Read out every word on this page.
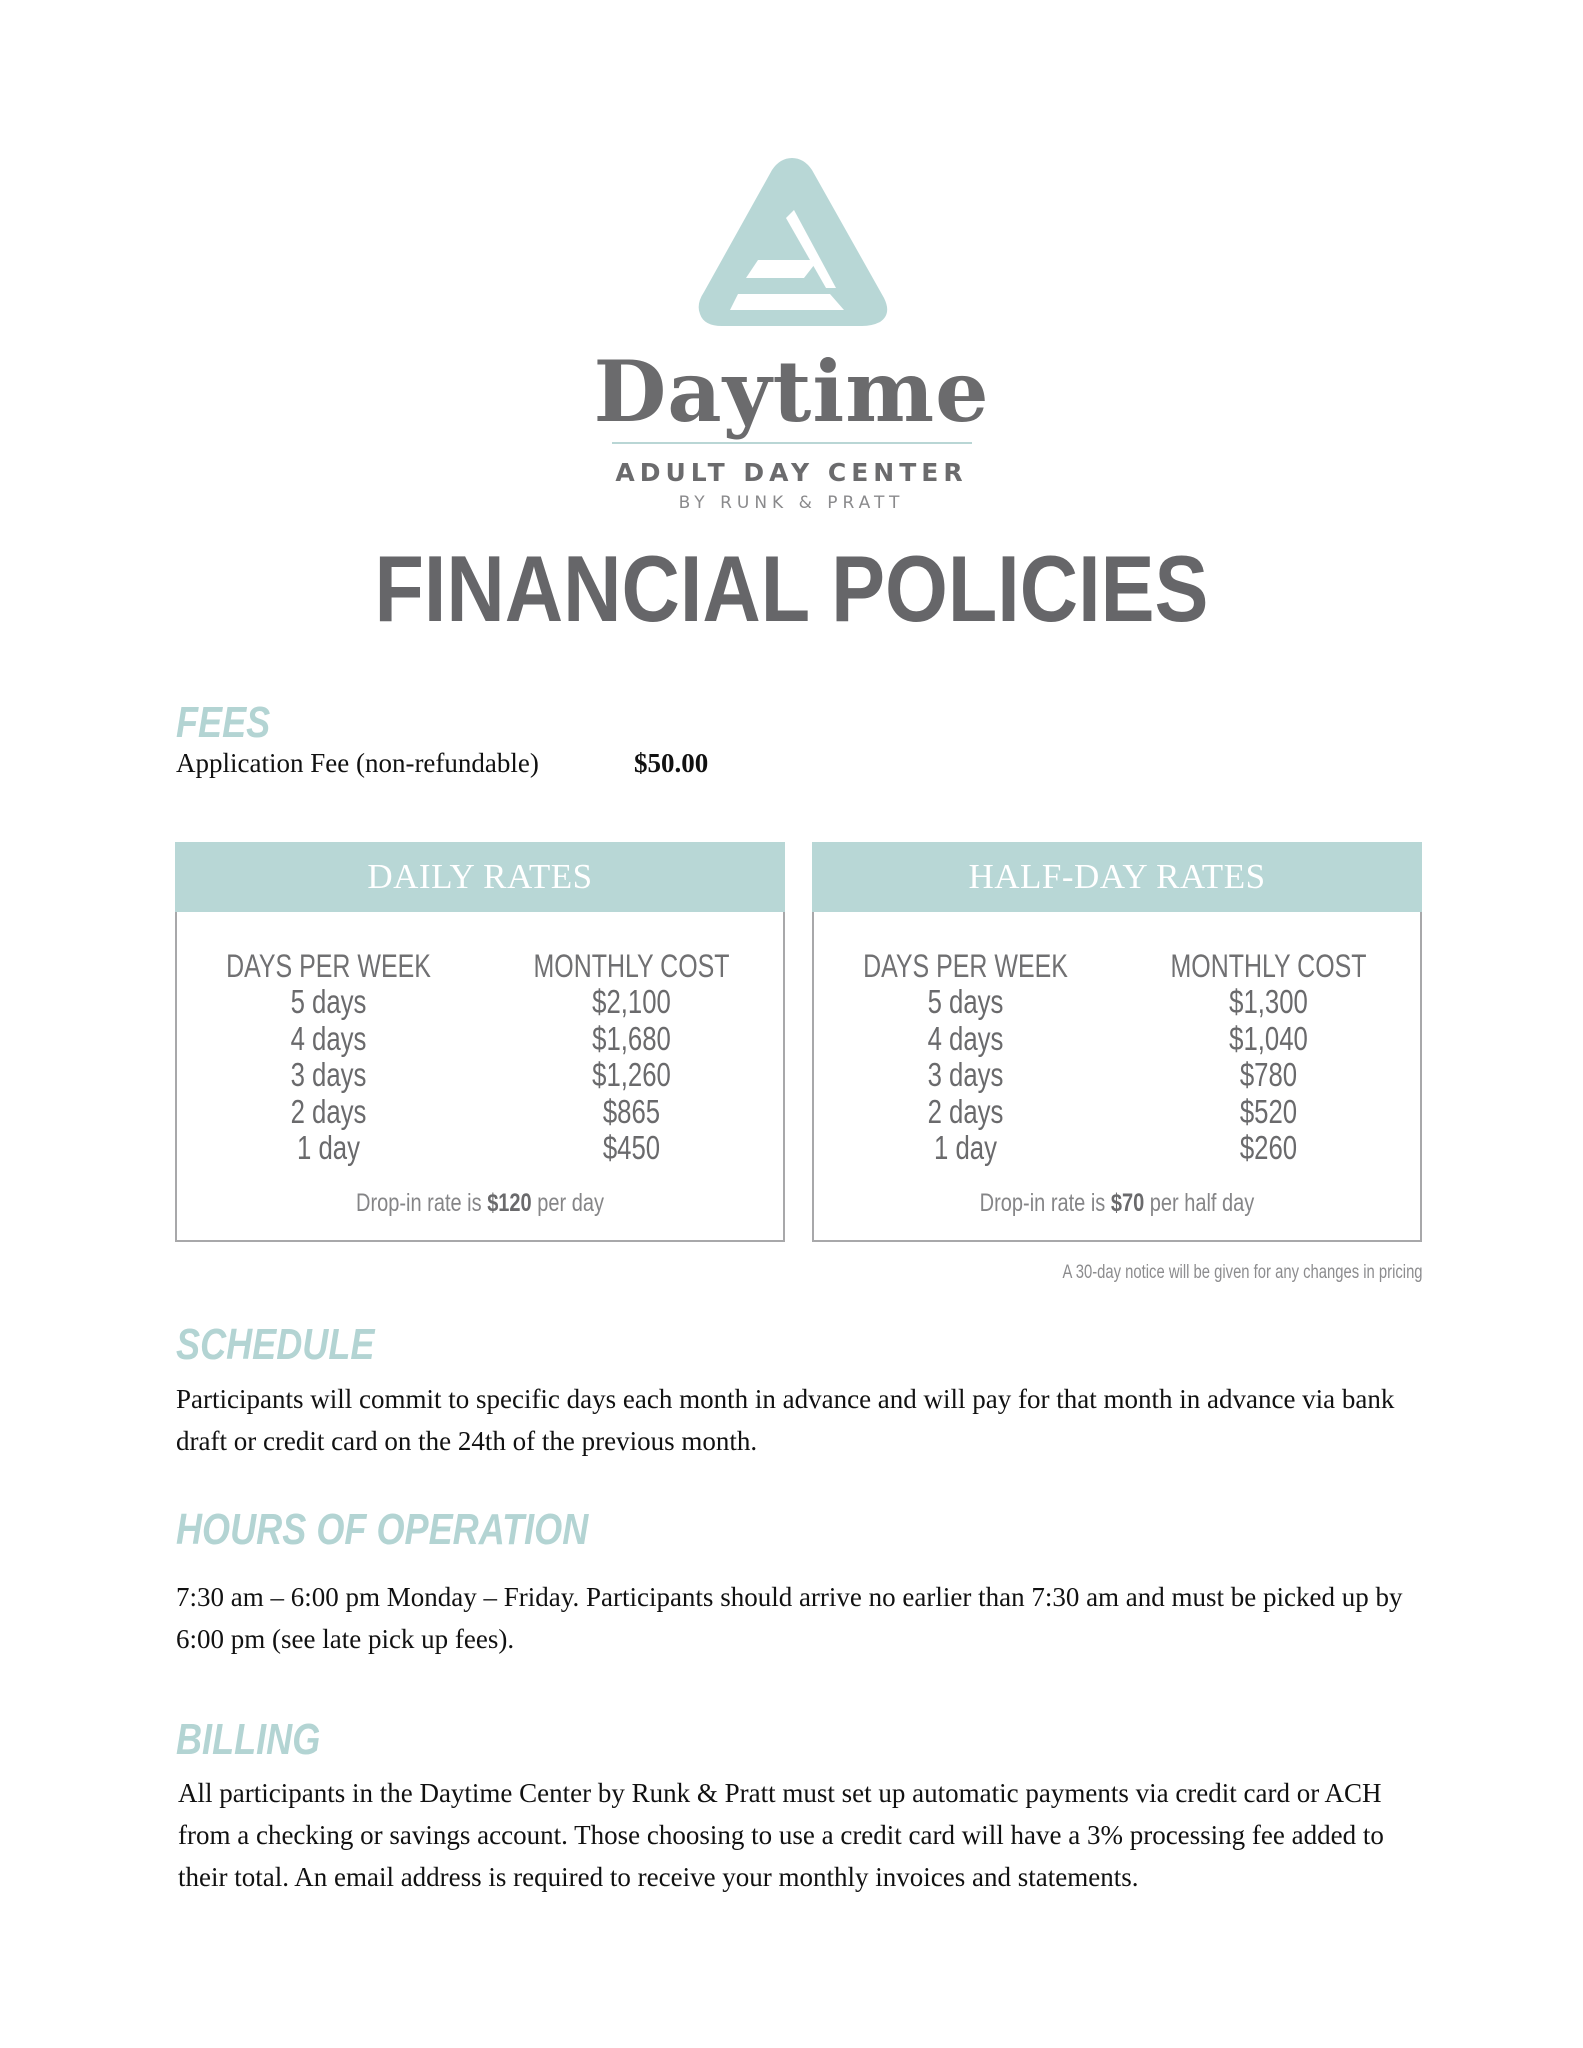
Daytime
ADULT DAY CENTER
BY RUNK & PRATT
FINANCIAL POLICIES
FEES
Application Fee (non-refundable)	$50.00
DAILY RATES
DAYS PER WEEK
5 days
4 days
3 days
2 days
1 day
MONTHLY COST
$2,100
$1,680
$1,260
$865
$450
Drop-in rate is $120 per day
HALF-DAY RATES
DAYS PER WEEK
5 days
4 days
3 days
2 days
1 day
MONTHLY COST
$1,300
$1,040
$780
$520
$260
Drop-in rate is $70 per half day
A 30-day notice will be given for any changes in pricing
SCHEDULE
Participants will commit to specific days each month in advance and will pay for that month in advance via bank draft or credit card on the 24th of the previous month.
HOURS OF OPERATION
7:30 am – 6:00 pm Monday – Friday. Participants should arrive no earlier than 7:30 am and must be picked up by 6:00 pm (see late pick up fees).
BILLING
All participants in the Daytime Center by Runk & Pratt must set up automatic payments via credit card or ACH from a checking or savings account. Those choosing to use a credit card will have a 3% processing fee added to their total. An email address is required to receive your monthly invoices and statements.
